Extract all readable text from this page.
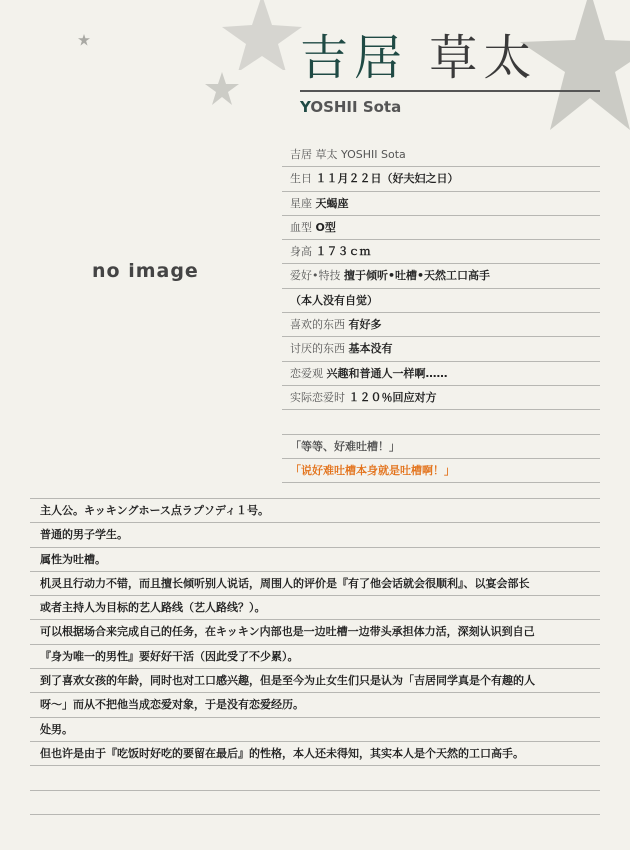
吉居 草太
YOSHII Sota
no image
吉居 草太 YOSHII Sota
生日 １１月２２日（好夫妇之日）
星座 天蝎座
血型 O型
身高 １７３ｃｍ
爱好•特技 擅于倾听•吐槽•天然工口高手
（本人没有自觉）
喜欢的东西 有好多
讨厌的东西 基本没有
恋爱观 兴趣和普通人一样啊……
实际恋爱时 １２０％回应对方
「等等、好难吐槽！」
「说好难吐槽本身就是吐槽啊！」
主人公。キッキングホース点ラプソディ１号。
普通的男子学生。
属性为吐槽。
机灵且行动力不错，而且擅长倾听别人说话，周围人的评价是『有了他会话就会很顺利』、以宴会部长
或者主持人为目标的艺人路线（艺人路线？）。
可以根据场合来完成自己的任务，在キッキン内部也是一边吐槽一边带头承担体力活，深刻认识到自己
『身为唯一的男性』要好好干活（因此受了不少累）。
到了喜欢女孩的年龄，同时也对工口感兴趣，但是至今为止女生们只是认为「吉居同学真是个有趣的人
呀～」而从不把他当成恋爱对象，于是没有恋爱经历。
处男。
但也许是由于『吃饭时好吃的要留在最后』的性格，本人还未得知，其实本人是个天然的工口高手。
